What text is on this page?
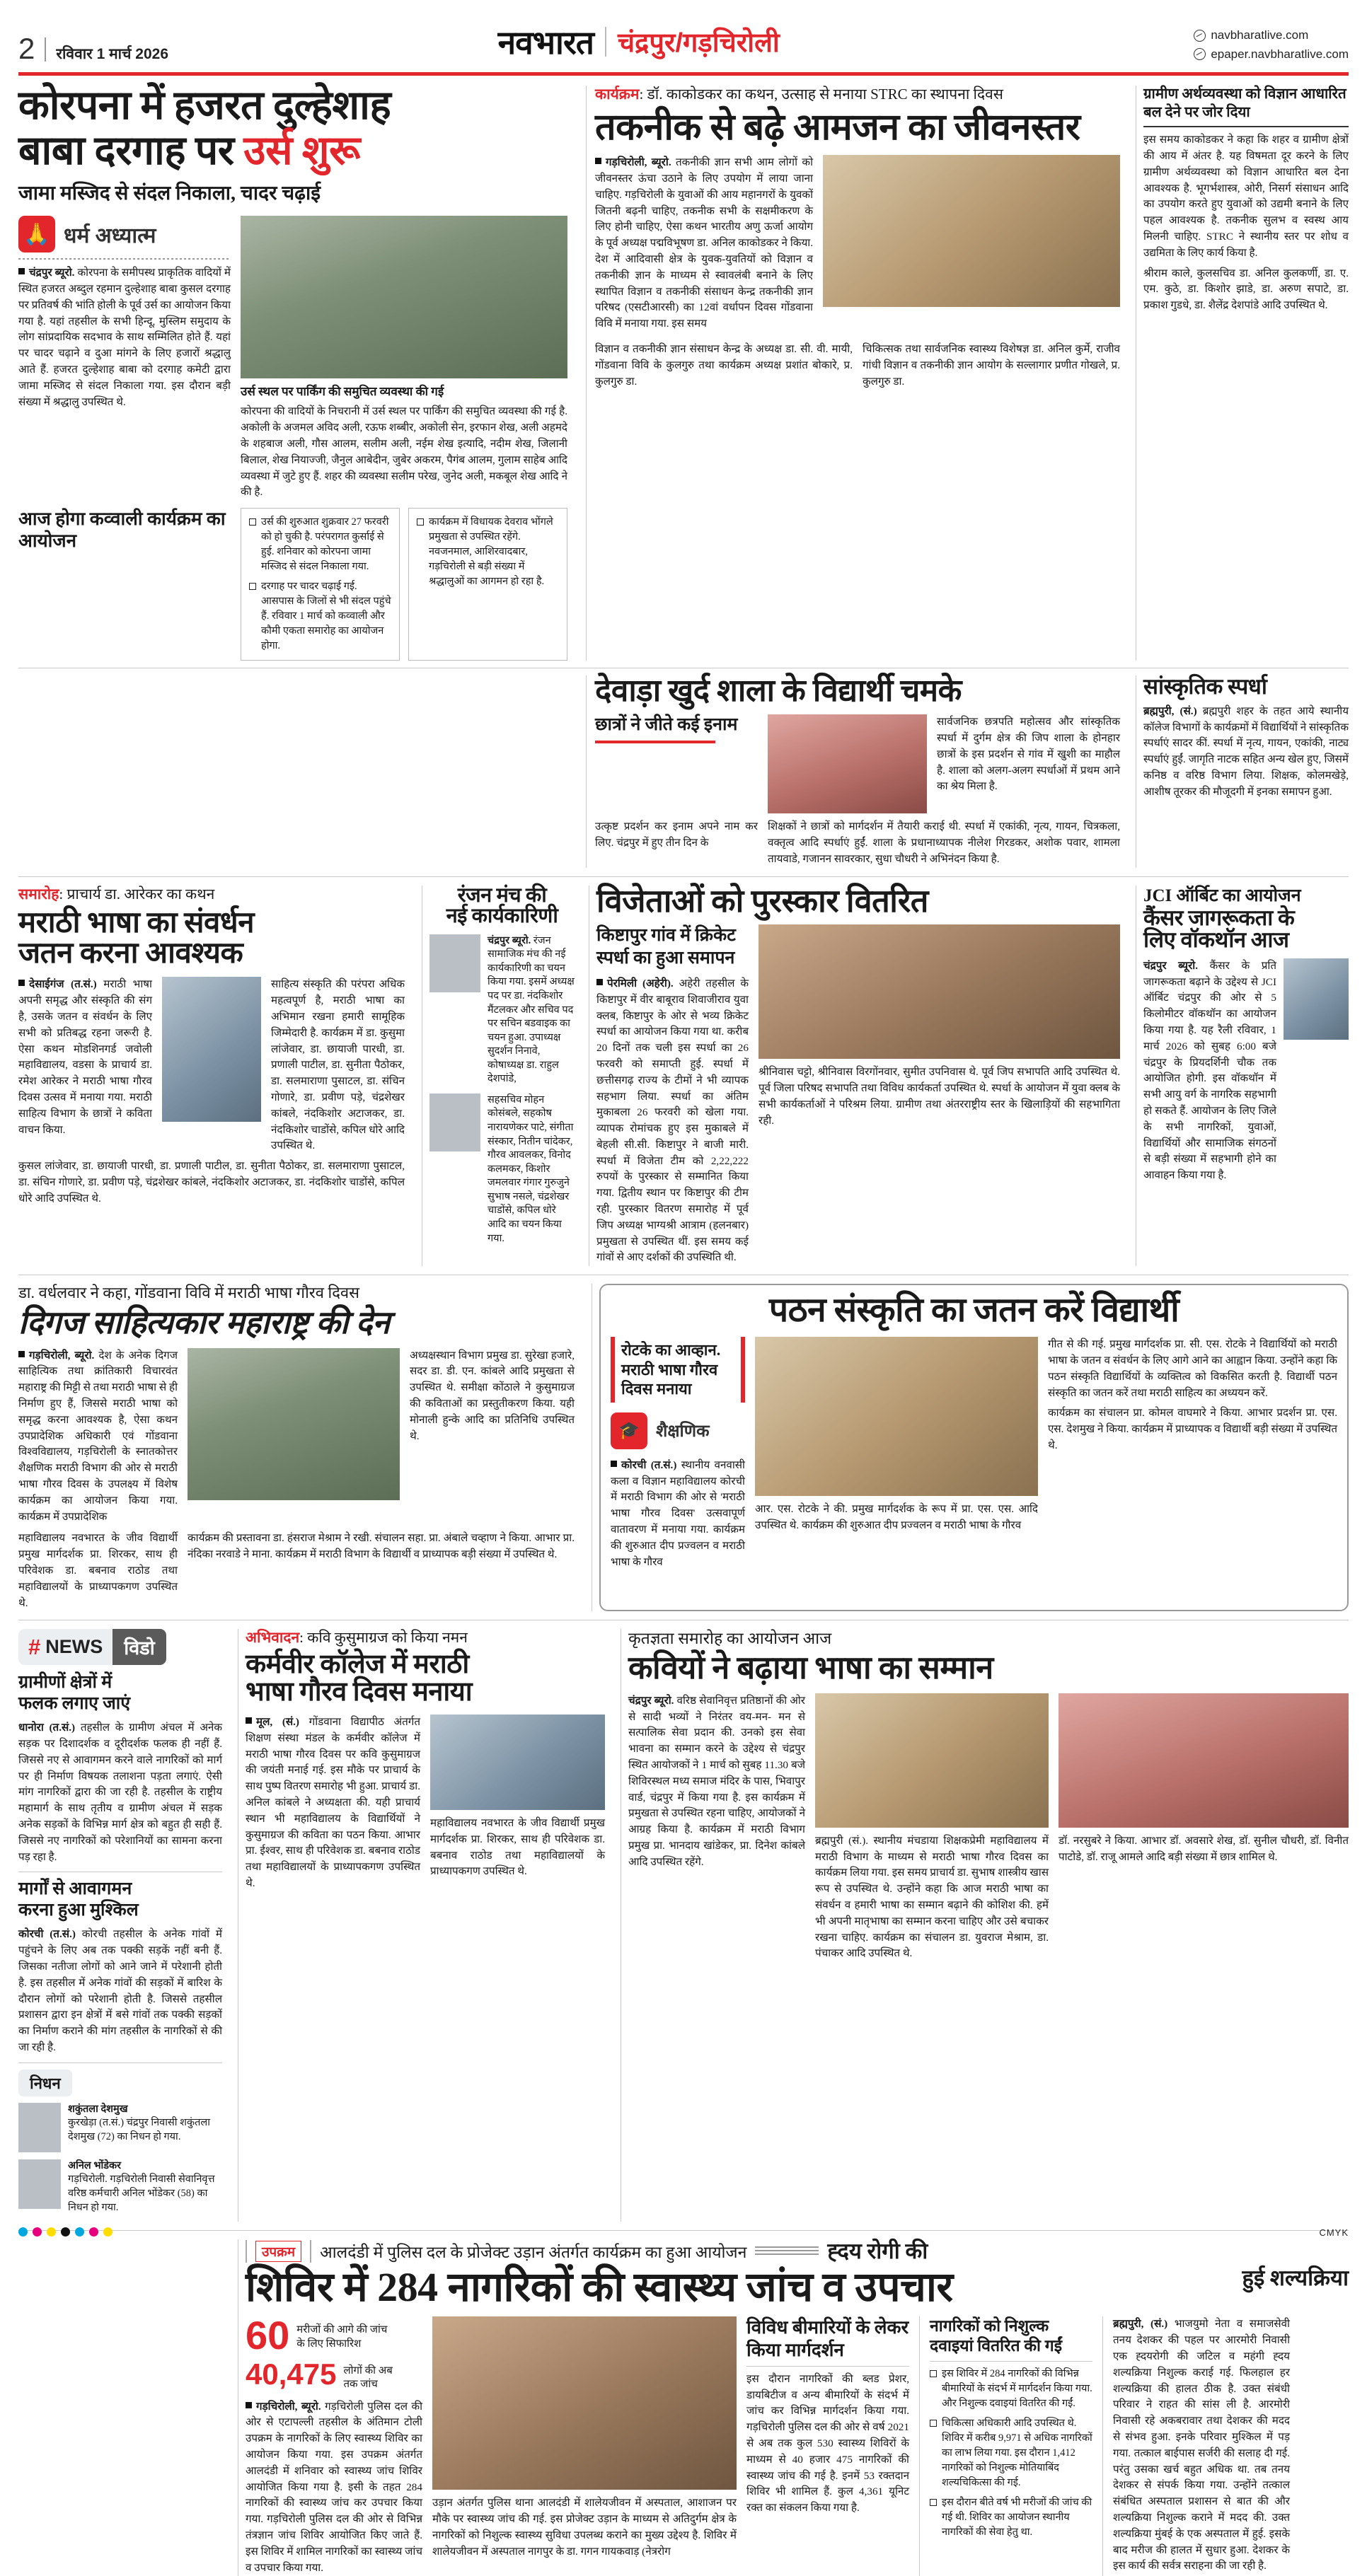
2 रविवार 1 मार्च 2026	नवभारत चंद्रपुर/गड़चिरोली	navbharatlive.com
epaper.navbharatlive.com
कोरपना में हजरत दुल्हेशाह
बाबा दरगाह पर उर्स शुरू
जामा मस्जिद से संदल निकाला, चादर चढ़ाई
🙏 धर्म अध्यात्म

चंद्रपुर ब्यूरो. कोरपना के समीपस्थ प्राकृतिक वादियों में स्थित हजरत अब्दुल रहमान दुल्हेशाह बाबा कुसल दरगाह पर प्रतिवर्ष की भांति होली के पूर्व उर्स का आयोजन किया गया है. यहां तहसील के सभी हिन्दू, मुस्लिम समुदाय के लोग सांप्रदायिक सदभाव के साथ सम्मिलित होते हैं. यहां पर चादर चढ़ाने व दुआ मांगने के लिए हजारों श्रद्धालु आते हैं. हजरत दुल्हेशाह बाबा को दरगाह कमेटी द्वारा जामा मस्जिद से संदल निकाला गया. इस दौरान बड़ी संख्या में श्रद्धालु उपस्थित थे.

उर्स स्थल पर पार्किंग की समुचित व्यवस्था की गई
कोरपना की वादियों के निचरानी में उर्स स्थल पर पार्किंग की समुचित व्यवस्था की गई है. अकोली के अजमल अविद अली, रऊफ शब्बीर, अकोली सेन, इरफान शेख, अली अहमदे के शहबाज अली, गौस आलम, सलीम अली, नईम शेख इत्यादि, नदीम शेख, जिलानी बिलाल, शेख नियाज्जी, जैनुल आबेदीन, जुबेर अकरम, पैगंब आलम, गुलाम साहेब आदि व्यवस्था में जुटे हुए हैं. शहर की व्यवस्था सलीम परेख, जुनेद अली, मकबूल शेख आदि ने की है.
आज होगा कव्वाली कार्यक्रम का आयोजन
उर्स की शुरुआत शुक्रवार 27 फरवरी को हो चुकी है. परंपरागत कुर्साई से हुई. शनिवार को कोरपना जामा मस्जिद से संदल निकाला गया.
दरगाह पर चादर चढ़ाई गई. आसपास के जिलों से भी संदल पहुंचे हैं. रविवार 1 मार्च को कव्वाली और कौमी एकता समारोह का आयोजन होगा.
कार्यक्रम में विधायक देवराव भोंगले प्रमुखता से उपस्थित रहेंगे. नवजनमाल, आशिरवादबार, गड़चिरोली से बड़ी संख्या में श्रद्धालुओं का आगमन हो रहा है.
कार्यक्रम: डॉ. काकोडकर का कथन, उत्साह से मनाया STRC का स्थापना दिवस
तकनीक से बढ़े आमजन का जीवनस्तर

गड़चिरोली, ब्यूरो. तकनीकी ज्ञान सभी आम लोगों को जीवनस्तर ऊंचा उठाने के लिए उपयोग में लाया जाना चाहिए. गड़चिरोली के युवाओं की आय महानगरों के युवकों जितनी बढ़नी चाहिए, तकनीक सभी के सक्षमीकरण के लिए होनी चाहिए, ऐसा कथन भारतीय अणु ऊर्जा आयोग के पूर्व अध्यक्ष पद्मविभूषण डा. अनिल काकोडकर ने किया. देश में आदिवासी क्षेत्र के युवक-युवतियों को विज्ञान व तकनीकी ज्ञान के माध्यम से स्वावलंबी बनाने के लिए स्थापित विज्ञान व तकनीकी संसाधन केन्द्र तकनीकी ज्ञान परिषद (एसटीआरसी) का 12वां वर्धापन दिवस गोंडवाना विवि में मनाया गया. इस समय

विज्ञान व तकनीकी ज्ञान संसाधन केन्द्र के अध्यक्ष डा. सी. वी. मायी, गोंडवाना विवि के कुलगुरु तथा कार्यक्रम अध्यक्ष प्रशांत बोकारे, प्र. कुलगुरु डा.
चिकित्सक तथा सार्वजनिक स्वास्थ्य विशेषज्ञ डा. अनिल कुर्मे, राजीव गांधी विज्ञान व तकनीकी ज्ञान आयोग के सल्लागार प्रणीत गोखले, प्र. कुलगुरु डा.
ग्रामीण अर्थव्यवस्था को विज्ञान आधारित बल देने पर जोर दिया
इस समय काकोडकर ने कहा कि शहर व ग्रामीण क्षेत्रों की आय में अंतर है. यह विषमता दूर करने के लिए ग्रामीण अर्थव्यवस्था को विज्ञान आधारित बल देना आवश्यक है. भूगर्भशास्त्र, ओरी, निसर्ग संसाधन आदि का उपयोग करते हुए युवाओं को उद्यमी बनाने के लिए पहल आवश्यक है. तकनीक सुलभ व स्वस्थ आय मिलनी चाहिए. STRC ने स्थानीय स्तर पर शोध व उद्यमिता के लिए कार्य किया है.
श्रीराम काले, कुलसचिव डा. अनिल कुलकर्णी, डा. ए. एम. कुठे, डा. किशोर झाडे, डा. अरुण सपाटे, डा. प्रकाश गुडधे, डा. शैलेंद्र देशपांडे आदि उपस्थित थे.
देवाड़ा खुर्द शाला के विद्यार्थी चमके
छात्रों ने जीते कई इनाम	सार्वजनिक छत्रपति महोत्सव और सांस्कृतिक स्पर्धा में दुर्गम क्षेत्र की जिप शाला के होनहार छात्रों के इस प्रदर्शन से गांव में खुशी का माहौल है. शाला को अलग-अलग स्पर्धाओं में प्रथम आने का श्रेय मिला है.
उत्कृष्ट प्रदर्शन कर इनाम अपने नाम कर लिए. चंद्रपुर में हुए तीन दिन के
शिक्षकों ने छात्रों को मार्गदर्शन में तैयारी कराई थी. स्पर्धा में एकांकी, नृत्य, गायन, चित्रकला, वक्तृत्व आदि स्पर्धाएं हुईं. शाला के प्रधानाध्यापक नीलेश गिरडकर, अशोक पवार, शामला तायवाडे, गजानन सावरकार, सुधा चौधरी ने अभिनंदन किया है.
सांस्कृतिक स्पर्धा
ब्रह्मपुरी, (सं.) ब्रह्मपुरी शहर के तहत आये स्थानीय कॉलेज विभागों के कार्यक्रमों में विद्यार्थियों ने सांस्कृतिक स्पर्धाएं सादर कीं. स्पर्धा में नृत्य, गायन, एकांकी, नाट्य स्पर्धाएं हुईं. जागृति नाटक सहित अन्य खेल हुए, जिसमें कनिष्ठ व वरिष्ठ विभाग लिया. शिक्षक, कोलमखेड़े, आशीष तूरकर की मौजूदगी में इनका समापन हुआ.
समारोह: प्राचार्य डा. आरेकर का कथन
मराठी भाषा का संवर्धन
जतन करना आवश्यक

देसाईगंज (त.सं.) मराठी भाषा अपनी समृद्ध और संस्कृति की संग है, उसके जतन व संवर्धन के लिए सभी को प्रतिबद्ध रहना जरूरी है. ऐसा कथन मोडशिनगर्ड जवोली महाविद्यालय, वडसा के प्राचार्य डा. रमेश आरेकर ने मराठी भाषा गौरव दिवस उत्सव में मनाया गया. मराठी साहित्य विभाग के छात्रों ने कविता वाचन किया.

साहित्य संस्कृति की परंपरा अधिक महत्वपूर्ण है, मराठी भाषा का अभिमान रखना हमारी सामूहिक जिम्मेदारी है. कार्यक्रम में डा. कुसुमा लांजेवार, डा. छायाजी पारधी, डा. प्रणाली पाटील, डा. सुनीता पैठोकर, डा. सलमाराणा पुसाटल, डा. संचिन गोणारे, डा. प्रवीण पड़े, चंद्रशेखर कांबले, नंदकिशोर अटाजकर, डा. नंदकिशोर चाडोंसे, कपिल धोरे आदि उपस्थित थे.
कुसल लांजेवार, डा. छायाजी पारधी, डा. प्रणाली पाटील, डा. सुनीता पैठोकर, डा. सलमाराणा पुसाटल, डा. संचिन गोणारे, डा. प्रवीण पड़े, चंद्रशेखर कांबले, नंदकिशोर अटाजकर, डा. नंदकिशोर चाडोंसे, कपिल धोरे आदि उपस्थित थे.
रंजन मंच की
नई कार्यकारिणी
चंद्रपुर ब्यूरो. रंजन सामाजिक मंच की नई कार्यकारिणी का चयन किया गया. इसमें अध्यक्ष पद पर डा. नंदकिशोर मैंटलकर और सचिव पद पर सचिन बडवाइक का चयन हुआ. उपाध्यक्ष सुदर्शन निनावे, कोषाध्यक्ष डा. राहुल देशपांडे,
सहसचिव मोहन कोसंबले, सहकोष नारायणेकर पाटे, संगीता संस्कार, नितीन चांदेकर, गौरव आवलकर, विनोद कलमकर, किशोर जमलवार गंगार गुरुजुने सुभाष नसले, चंद्रशेखर चाडोंसे, कपिल धोरे आदि का चयन किया गया.
विजेताओं को पुरस्कार वितरित
किष्टापुर गांव में क्रिकेट
स्पर्धा का हुआ समापन
पेरमिली (अहेरी). अहेरी तहसील के किष्टापुर में वीर बाबूराव शिवाजीराव युवा क्लब, किष्टापुर के ओर से भव्य क्रिकेट स्पर्धा का आयोजन किया गया था. करीब 20 दिनों तक चली इस स्पर्धा का 26 फरवरी को समाप्ती हुई. स्पर्धा में छत्तीसगढ़ राज्य के टीमों ने भी व्यापक सहभाग लिया. स्पर्धा का अंतिम मुकाबला 26 फरवरी को खेला गया. व्यापक रोमांचक हुए इस मुकाबले में बेहली सी.सी. किष्टापुर ने बाजी मारी. स्पर्धा में विजेता टीम को 2,22,222 रुपयों के पुरस्कार से सम्मानित किया गया. द्वितीय स्थान पर किष्टापुर की टीम रही. पुरस्कार वितरण समारोह में पूर्व जिप अध्यक्ष भाग्यश्री आत्राम (हलनबार) प्रमुखता से उपस्थित थीं. इस समय कई गांवों से आए दर्शकों की उपस्थिति थी.
श्रीनिवास चट्टो, श्रीनिवास विरगोंनवार, सुमीत उपनिवास थे. पूर्व जिप सभापति आदि उपस्थित थे. पूर्व जिला परिषद सभापति तथा विविध कार्यकर्ता उपस्थित थे. स्पर्धा के आयोजन में युवा क्लब के सभी कार्यकर्ताओं ने परिश्रम लिया. ग्रामीण तथा अंतरराष्ट्रीय स्तर के खिलाड़ियों की सहभागिता रही.
JCI ऑर्बिट का आयोजन
कैंसर जागरूकता के
लिए वॉकथॉन आज
चंद्रपुर ब्यूरो. कैंसर के प्रति जागरूकता बढ़ाने के उद्देश्य से JCI ऑर्बिट चंद्रपुर की ओर से 5 किलोमीटर वॉकथॉन का आयोजन किया गया है. यह रैली रविवार, 1 मार्च 2026 को सुबह 6:00 बजे चंद्रपुर के प्रियदर्शिनी चौक तक आयोजित होगी. इस वॉकथॉन में सभी आयु वर्ग के नागरिक सहभागी हो सकते हैं. आयोजन के लिए जिले के सभी नागरिकों, युवाओं, विद्यार्थियों और सामाजिक संगठनों से बड़ी संख्या में सहभागी होने का आवाहन किया गया है.
डा. वर्धलवार ने कहा, गोंडवाना विवि में मराठी भाषा गौरव दिवस
दिगज साहित्यकार महाराष्ट्र की देन
गड़चिरोली, ब्यूरो. देश के अनेक दिगज साहित्यिक तथा क्रांतिकारी विचारवंत महाराष्ट्र की मिट्टी से तथा मराठी भाषा से ही निर्माण हुए हैं, जिससे मराठी भाषा को समृद्ध करना आवश्यक है, ऐसा कथन उपप्रादेशिक अधिकारी एवं गोंडवाना विश्वविद्यालय, गड़चिरोली के स्नातकोत्तर शैक्षणिक मराठी विभाग की ओर से मराठी भाषा गौरव दिवस के उपलक्ष्य में विशेष कार्यक्रम का आयोजन किया गया. कार्यक्रम में उपप्रादेशिक
अध्यक्षस्थान विभाग प्रमुख डा. सुरेखा हजारे, सदर डा. डी. एन. कांबले आदि प्रमुखता से उपस्थित थे. समीक्षा कोंठाले ने कुसुमाग्रज की कविताओं का प्रस्तुतीकरण किया. यही मोनाली हुन्के आदि का प्रतिनिधि उपस्थित थे.
महाविद्यालय नवभारत के जीव विद्यार्थी प्रमुख मार्गदर्शक प्रा. शिरकर, साथ ही परिवेशक डा. बबनाव राठोड तथा महाविद्यालयों के प्राध्यापकगण उपस्थित थे.
कार्यक्रम की प्रस्तावना डा. हंसराज मेश्राम ने रखी. संचालन सहा. प्रा. अंबाले चव्हाण ने किया. आभार प्रा. नंदिका नरवाडे ने माना. कार्यक्रम में मराठी विभाग के विद्यार्थी व प्राध्यापक बड़ी संख्या में उपस्थित थे.
पठन संस्कृति का जतन करें विद्यार्थी
रोटके का आव्हान.
मराठी भाषा गौरव
दिवस मनाया
🎓 शैक्षणिक
कोरची (त.सं.) स्थानीय वनवासी कला व विज्ञान महाविद्यालय कोरची में मराठी विभाग की ओर से 'मराठी भाषा गौरव दिवस' उत्सवापूर्ण वातावरण में मनाया गया. कार्यक्रम की शुरुआत दीप प्रज्वलन व मराठी भाषा के गौरव
आर. एस. रोटके ने की. प्रमुख मार्गदर्शक के रूप में प्रा. एस. एस. आदि उपस्थित थे. कार्यक्रम की शुरुआत दीप प्रज्वलन व मराठी भाषा के गौरव
गीत से की गई. प्रमुख मार्गदर्शक प्रा. सी. एस. रोटके ने विद्यार्थियों को मराठी भाषा के जतन व संवर्धन के लिए आगे आने का आह्वान किया. उन्होंने कहा कि पठन संस्कृति विद्यार्थियों के व्यक्तित्व को विकसित करती है. विद्यार्थी पठन संस्कृति का जतन करें तथा मराठी साहित्य का अध्ययन करें.
कार्यक्रम का संचालन प्रा. कोमल वाघमारे ने किया. आभार प्रदर्शन प्रा. एस. एस. देशमुख ने किया. कार्यक्रम में प्राध्यापक व विद्यार्थी बड़ी संख्या में उपस्थित थे.
# NEWS	विडो
ग्रामीणों क्षेत्रों में
फलक लगाए जाएं
धानोरा (त.सं.) तहसील के ग्रामीण अंचल में अनेक सड़क पर दिशादर्शक व दूरीदर्शक फलक ही नहीं हैं. जिससे नए से आवागमन करने वाले नागरिकों को मार्ग पर ही निर्माण विषयक तलाशना पड़ता लगाएं. ऐसी मांग नागरिकों द्वारा की जा रही है. तहसील के राष्ट्रीय महामार्ग के साथ तृतीय व ग्रामीण अंचल में सड़क अनेक सड़कों के विभिन्न मार्ग क्षेत्र को बहुत ही सही हैं. जिससे नए नागरिकों को परेशानियों का सामना करना पड़ रहा है.
मार्गों से आवागमन
करना हुआ मुश्किल
कोरची (त.सं.) कोरची तहसील के अनेक गांवों में पहुंचने के लिए अब तक पक्की सड़कें नहीं बनी हैं. जिसका नतीजा लोगों को आने जाने में परेशानी होती है. इस तहसील में अनेक गांवों की सड़कों में बारिश के दौरान लोगों को परेशानी होती है. जिससे तहसील प्रशासन द्वारा इन क्षेत्रों में बसे गांवों तक पक्की सड़कों का निर्माण कराने की मांग तहसील के नागरिकों से की जा रही है.
निधन
शकुंतला देशमुख
कुरखेड़ा (त.सं.) चंद्रपुर निवासी शकुंतला देशमुख (72) का निधन हो गया.
अनिल भोंडेकर
गड़चिरोली. गड़चिरोली निवासी सेवानिवृत्त वरिष्ठ कर्मचारी अनिल भोंडेकर (58) का निधन हो गया.
अभिवादन: कवि कुसुमाग्रज को किया नमन
कर्मवीर कॉलेज में मराठी
भाषा गौरव दिवस मनाया
मूल, (सं.) गोंडवाना विद्यापीठ अंतर्गत शिक्षण संस्था मंडल के कर्मवीर कॉलेज में मराठी भाषा गौरव दिवस पर कवि कुसुमाग्रज की जयंती मनाई गई. इस मौके पर प्राचार्य के साथ पुष्प वितरण समारोह भी हुआ. प्राचार्य डा. अनिल कांबले ने अध्यक्षता की. यही प्राचार्य स्थान भी महाविद्यालय के विद्यार्थियों ने कुसुमाग्रज की कविता का पठन किया. आभार प्रा. ईश्वर, साथ ही परिवेशक डा. बबनाव राठोड तथा महाविद्यालयों के प्राध्यापकगण उपस्थित थे.
महाविद्यालय नवभारत के जीव विद्यार्थी प्रमुख मार्गदर्शक प्रा. शिरकर, साथ ही परिवेशक डा. बबनाव राठोड तथा महाविद्यालयों के प्राध्यापकगण उपस्थित थे.
कृतज्ञता समारोह का आयोजन आज
कवियों ने बढ़ाया भाषा का सम्मान
चंद्रपुर ब्यूरो. वरिष्ठ सेवानिवृत्त प्रतिष्ठानों की ओर से सादी भव्यों ने निरंतर वय-मन- मन से सत्पालिक सेवा प्रदान की. उनको इस सेवा भावना का सम्मान करने के उद्देश्य से चंद्रपुर स्थित आयोजकों ने 1 मार्च को सुबह 11.30 बजे शिविरस्थल मध्य समाज मंदिर के पास, भिवापुर वार्ड, चंद्रपुर में किया गया है. इस कार्यक्रम में प्रमुखता से उपस्थित रहना चाहिए, आयोजकों ने आग्रह किया है. कार्यक्रम में मराठी विभाग प्रमुख प्रा. भानदाय खांडेकर, प्रा. दिनेश कांबले आदि उपस्थित रहेंगे.
ब्रह्मपुरी (सं.). स्थानीय मंचडाया शिक्षकप्रेमी महाविद्यालय में मराठी विभाग के माध्यम से मराठी भाषा गौरव दिवस का कार्यक्रम लिया गया. इस समय प्राचार्य डा. सुभाष शास्त्रीय खास रूप से उपस्थित थे. उन्होंने कहा कि आज मराठी भाषा का संवर्धन व हमारी भाषा का सम्मान बढ़ाने की कोशिश की. हमें भी अपनी मातृभाषा का सम्मान करना चाहिए और उसे बचाकर रखना चाहिए. कार्यक्रम का संचालन डा. युवराज मेश्राम, डा. पंचाकर आदि उपस्थित थे.
डॉ. नरसुबरे ने किया. आभार डॉ. अवसारे शेख, डॉ. सुनील चौधरी, डॉ. विनीत पाटोडे, डॉ. राजू आमले आदि बड़ी संख्या में छात्र शामिल थे.
उपक्रम	आलदंडी में पुलिस दल के प्रोजेक्ट उड़ान अंतर्गत कार्यक्रम का हुआ आयोजन	ह्दय रोगी की
शिविर में 284 नागरिकों की स्वास्थ्य जांच व उपचार	हुई शल्यक्रिया
60 मरीजों की आगे की जांच
के लिए सिफारिश
40,475 लोगों की अब
तक जांच
गड़चिरोली, ब्यूरो. गड़चिरोली पुलिस दल की ओर से एटापल्ली तहसील के अंतिमान टोली उपक्रम के नागरिकों के लिए स्वास्थ्य शिविर का आयोजन किया गया. इस उपक्रम अंतर्गत आलदंडी में शनिवार को स्वास्थ्य जांच शिविर आयोजित किया गया है. इसी के तहत 284 नागरिकों की स्वास्थ्य जांच कर उपचार किया गया. गड़चिरोली पुलिस दल की ओर से विभिन्न तंत्रज्ञान जांच शिविर आयोजित किए जाते हैं. इस शिविर में शामिल नागरिकों का स्वास्थ्य जांच व उपचार किया गया.
उड़ान अंतर्गत पुलिस थाना आलदंडी में शालेयजीवन में अस्पताल, आशाजन पर मौके पर स्वास्थ्य जांच की गई. इस प्रोजेक्ट उड़ान के माध्यम से अतिदुर्गम क्षेत्र के नागरिकों को निशुल्क स्वास्थ्य सुविधा उपलब्ध कराने का मुख्य उद्देश्य है. शिविर में शालेयजीवन में अस्पताल नागपुर के डा. गगन गायकवाड़ (नेत्ररोग
विविध बीमारियों के लेकर किया मार्गदर्शन
इस दौरान नागरिकों की ब्लड प्रेशर, डायबिटीज व अन्य बीमारियों के संदर्भ में जांच कर विभिन्न मार्गदर्शन किया गया. गड़चिरोली पुलिस दल की ओर से वर्ष 2021 से अब तक कुल 530 स्वास्थ्य शिविरों के माध्यम से 40 हजार 475 नागरिकों की स्वास्थ्य जांच की गई है. इनमें 53 रक्तदान शिविर भी शामिल हैं. कुल 4,361 यूनिट रक्त का संकलन किया गया है.
नागरिकों को निशुल्क दवाइयां वितरित की गईं
इस शिविर में 284 नागरिकों की विभिन्न बीमारियों के संदर्भ में मार्गदर्शन किया गया. और निशुल्क दवाइयां वितरित की गईं.
चिकित्सा अधिकारी आदि उपस्थित थे. शिविर में करीब 9,971 से अधिक नागरिकों का लाभ लिया गया. इस दौरान 1,412 नागरिकों को निशुल्क मोतियाबिंद शल्यचिकित्सा की गई.
इस दौरान बीते वर्ष भी मरीजों की जांच की गई थी. शिविर का आयोजन स्थानीय नागरिकों की सेवा हेतु था.
ब्रह्मपुरी, (सं.) भाजयुमो नेता व समाजसेवी तनय देशकर की पहल पर आरमोरी निवासी एक ह्दयरोगी की जटिल व महंगी ह्दय शल्यक्रिया निशुल्क कराई गई. फिलहाल हर शल्यक्रिया की हालत ठीक है. उक्त संबंधी परिवार ने राहत की सांस ली है. आरमोरी निवासी रहे अकबरावार तथा देशकर की मदद से संभव हुआ. इनके परिवार मुश्किल में पड़ गया. तत्काल बाईपास सर्जरी की सलाह दी गई. परंतु उसका खर्च बहुत अधिक था. तब तनय देशकर से संपर्क किया गया. उन्होंने तत्काल संबंधित अस्पताल प्रशासन से बात की और शल्यक्रिया निशुल्क कराने में मदद की. उक्त शल्यक्रिया मुंबई के एक अस्पताल में हुई. इसके बाद मरीज की हालत में सुधार हुआ. देशकर के इस कार्य की सर्वत्र सराहना की जा रही है.
CMYK
